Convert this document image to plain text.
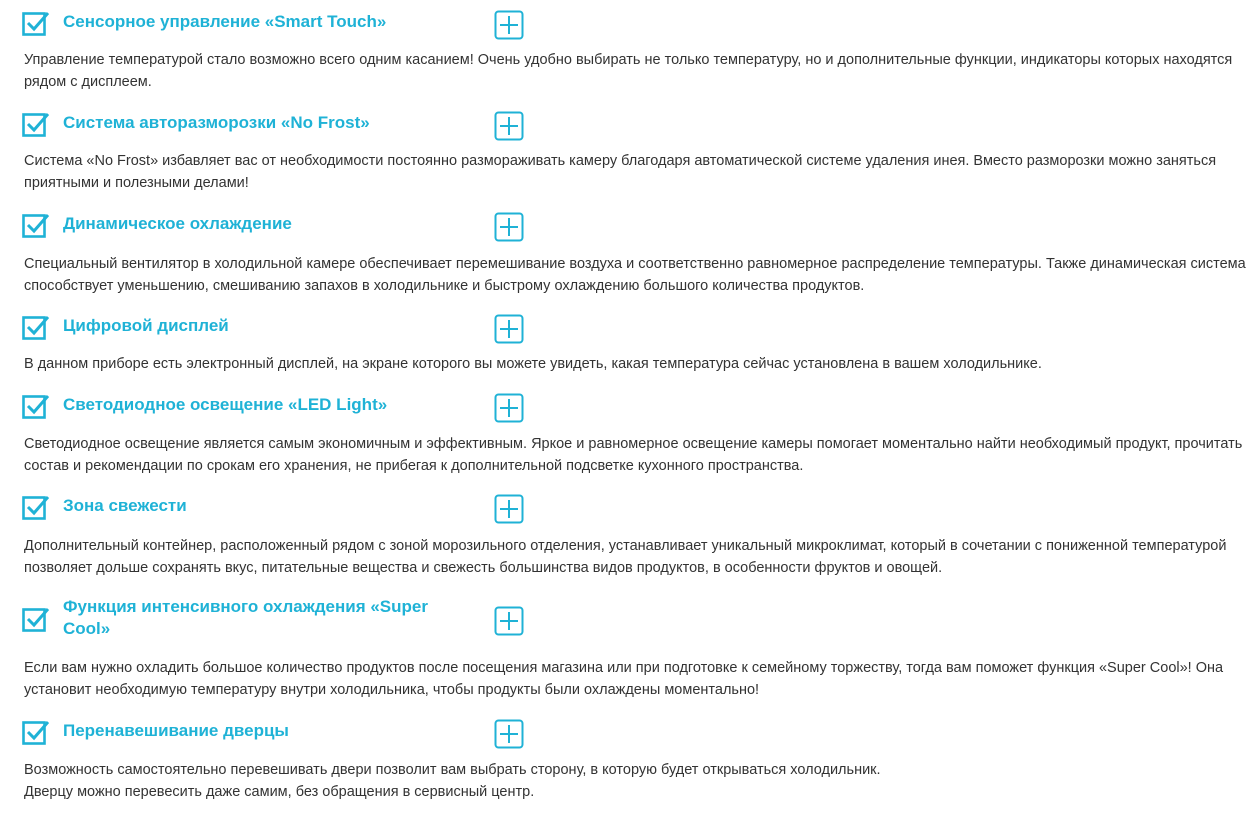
Сенсорное управление «Smart Touch»

Управление температурой стало возможно всего одним касанием! Очень удобно выбирать не только температуру, но и дополнительные функции, индикаторы которых находятся рядом с дисплеем.

Система авторазморозки «No Frost»

Система «No Frost» избавляет вас от необходимости постоянно размораживать камеру благодаря автоматической системе удаления инея. Вместо разморозки можно заняться приятными и полезными делами!

Динамическое охлаждение

Специальный вентилятор в холодильной камере обеспечивает перемешивание воздуха и соответственно равномерное распределение температуры. Также динамическая система способствует уменьшению, смешиванию запахов в холодильнике и быстрому охлаждению большого количества продуктов.

Цифровой дисплей

В данном приборе есть электронный дисплей, на экране которого вы можете увидеть, какая температура сейчас установлена в вашем холодильнике.

Светодиодное освещение «LED Light»

Светодиодное освещение является самым экономичным и эффективным. Яркое и равномерное освещение камеры помогает моментально найти необходимый продукт, прочитать состав и рекомендации по срокам его хранения, не прибегая к дополнительной подсветке кухонного пространства.

Зона свежести

Дополнительный контейнер, расположенный рядом с зоной морозильного отделения, устанавливает уникальный микроклимат, который в сочетании с пониженной температурой позволяет дольше сохранять вкус, питательные вещества и свежесть большинства видов продуктов, в особенности фруктов и овощей.

Функция интенсивного охлаждения «Super Cool»

Если вам нужно охладить большое количество продуктов после посещения магазина или при подготовке к семейному торжеству, тогда вам поможет функция «Super Cool»! Она установит необходимую температуру внутри холодильника, чтобы продукты были охлаждены моментально!

Перенавешивание дверцы

Возможность самостоятельно перевешивать двери позволит вам выбрать сторону, в которую будет открываться холодильник.

Дверцу можно перевесить даже самим, без обращения в сервисный центр.
